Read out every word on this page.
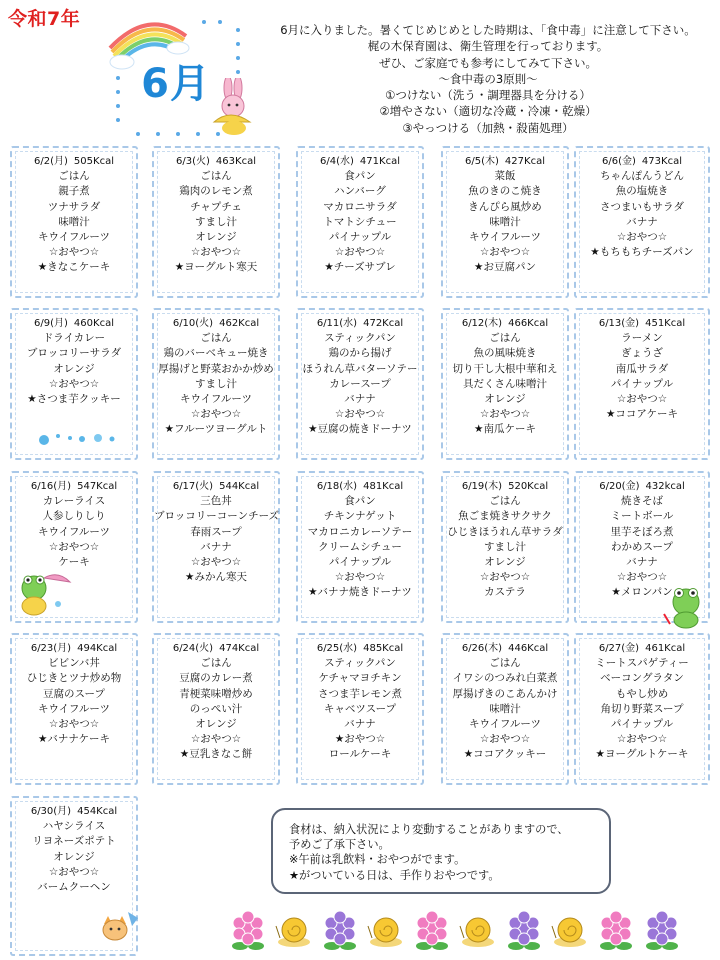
令和7年
6月
6月に入りました。暑くてじめじめとした時期は、「食中毒」に注意して下さい。
梶の木保育園は、衛生管理を行っております。
ぜひ、ご家庭でも参考にしてみて下さい。
～食中毒の3原則～
①つけない（洗う・調理器具を分ける）
②増やさない（適切な冷蔵・冷凍・乾燥）
③やっつける（加熱・殺菌処理）
6/2(月) 505Kcal
ごはん
親子煮
ツナサラダ
味噌汁
キウイフルーツ
☆おやつ☆
★きなこケーキ
6/3(火) 463Kcal
ごはん
鶏肉のレモン煮
チャプチェ
すまし汁
オレンジ
☆おやつ☆
★ヨーグルト寒天
6/4(水) 471Kcal
食パン
ハンバーグ
マカロニサラダ
トマトシチュー
パイナップル
☆おやつ☆
★チーズサブレ
6/5(木) 427Kcal
菜飯
魚のきのこ焼き
きんぴら風炒め
味噌汁
キウイフルーツ
☆おやつ☆
★お豆腐パン
6/6(金) 473Kcal
ちゃんぽんうどん
魚の塩焼き
さつまいもサラダ
バナナ
☆おやつ☆
★もちもちチーズパン
6/9(月) 460Kcal
ドライカレー
ブロッコリーサラダ
オレンジ
☆おやつ☆
★さつま芋クッキー
6/10(火) 462Kcal
ごはん
鶏のバーベキュー焼き
厚揚げと野菜おかか炒め
すまし汁
キウイフルーツ
☆おやつ☆
★フルーツヨーグルト
6/11(水) 472Kcal
スティックパン
鶏のから揚げ
ほうれん草バターソテー
カレースープ
バナナ
☆おやつ☆
★豆腐の焼きドーナツ
6/12(木) 466Kcal
ごはん
魚の風味焼き
切り干し大根中華和え
具だくさん味噌汁
オレンジ
☆おやつ☆
★南瓜ケーキ
6/13(金) 451Kcal
ラーメン
ぎょうざ
南瓜サラダ
パイナップル
☆おやつ☆
★ココアケーキ
6/16(月) 547Kcal
カレーライス
人参しりしり
キウイフルーツ
☆おやつ☆
ケーキ
6/17(火) 544Kcal
三色丼
ブロッコリーコーンチーズ
春雨スープ
バナナ
☆おやつ☆
★みかん寒天
6/18(水) 481Kcal
食パン
チキンナゲット
マカロニカレーソテー
クリームシチュー
パイナップル
☆おやつ☆
★バナナ焼きドーナツ
6/19(木) 520Kcal
ごはん
魚ごま焼きサクサク
ひじきほうれん草サラダ
すまし汁
オレンジ
☆おやつ☆
カステラ
6/20(金) 432kcal
焼きそば
ミートボール
里芋そぼろ煮
わかめスープ
バナナ
☆おやつ☆
★メロンパン
6/23(月) 494Kcal
ビビンバ丼
ひじきとツナ炒め物
豆腐のスープ
キウイフルーツ
☆おやつ☆
★バナナケーキ
6/24(火) 474Kcal
ごはん
豆腐のカレー煮
青梗菜味噌炒め
のっぺい汁
オレンジ
☆おやつ☆
★豆乳きなこ餅
6/25(水) 485Kcal
スティックパン
ケチャマヨチキン
さつま芋レモン煮
キャベツスープ
バナナ
★おやつ☆
ロールケーキ
6/26(木) 446Kcal
ごはん
イワシのつみれ白菜煮
厚揚げきのこあんかけ
味噌汁
キウイフルーツ
☆おやつ☆
★ココアクッキー
6/27(金) 461Kcal
ミートスパゲティー
ベーコングラタン
もやし炒め
角切り野菜スープ
パイナップル
☆おやつ☆
★ヨーグルトケーキ
6/30(月) 454Kcal
ハヤシライス
リヨネーズポテト
オレンジ
☆おやつ☆
バームクーヘン
食材は、納入状況により変動することがありますので、
予めご了承下さい。
※午前は乳飲料・おやつがでます。
★がついている日は、手作りおやつです。
